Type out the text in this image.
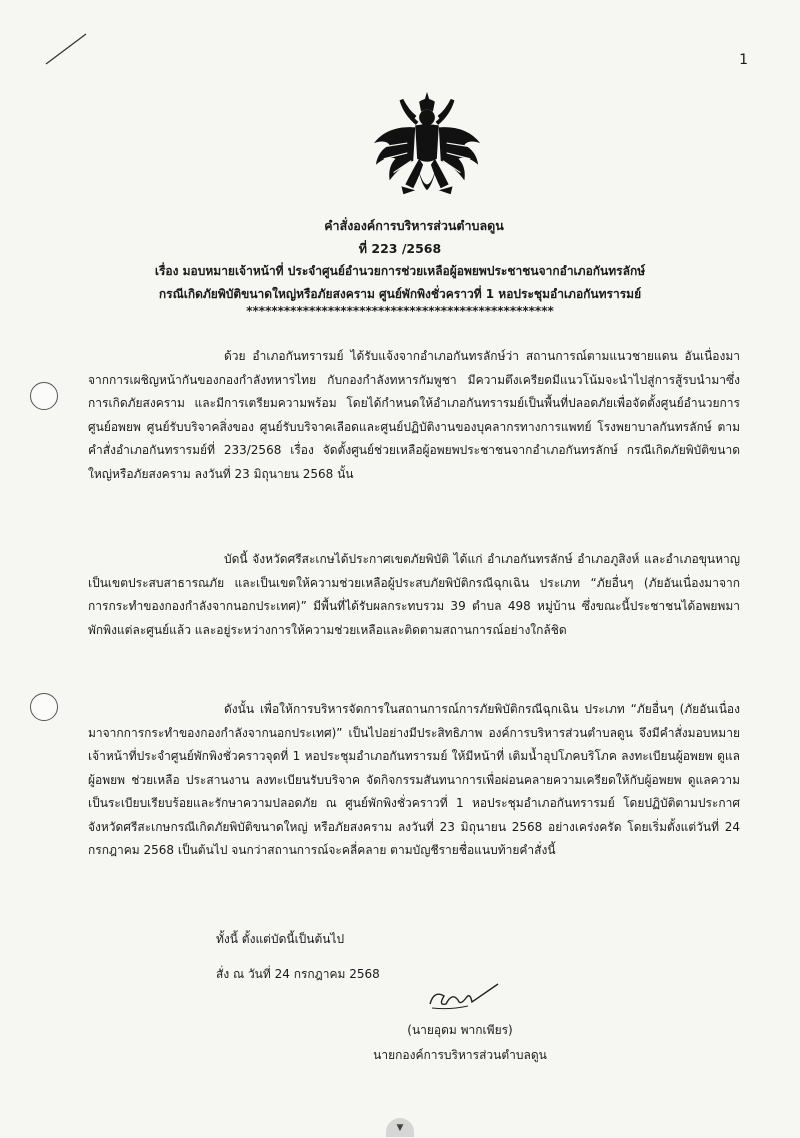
1
คำสั่งองค์การบริหารส่วนตำบลดูน
ที่ 223 /2568
เรื่อง มอบหมายเจ้าหน้าที่ ประจำศูนย์อำนวยการช่วยเหลือผู้อพยพประชาชนจากอำเภอกันทรลักษ์
กรณีเกิดภัยพิบัติขนาดใหญ่หรือภัยสงคราม ศูนย์พักพิงชั่วคราวที่ 1 หอประชุมอำเภอกันทรารมย์
*************************************************

ด้วย อำเภอกันทรารมย์ ได้รับแจ้งจากอำเภอกันทรลักษ์ว่า สถานการณ์ตามแนวชายแดน อันเนื่องมาจากการเผชิญหน้ากันของกองกำลังทหารไทย กับกองกำลังทหารกัมพูชา มีความตึงเครียดมีแนวโน้มจะนำไปสู่การสู้รบนำมาซึ่งการเกิดภัยสงคราม และมีการเตรียมความพร้อม โดยได้กำหนดให้อำเภอกันทรารมย์เป็นพื้นที่ปลอดภัยเพื่อจัดตั้งศูนย์อำนวยการศูนย์อพยพ ศูนย์รับบริจาคสิ่งของ ศูนย์รับบริจาคเลือดและศูนย์ปฏิบัติงานของบุคลากรทางการแพทย์ โรงพยาบาลกันทรลักษ์ ตามคำสั่งอำเภอกันทรารมย์ที่ 233/2568 เรื่อง จัดตั้งศูนย์ช่วยเหลือผู้อพยพประชาชนจากอำเภอกันทรลักษ์ กรณีเกิดภัยพิบัติขนาดใหญ่หรือภัยสงคราม ลงวันที่ 23 มิถุนายน 2568 นั้น

บัดนี้ จังหวัดศรีสะเกษได้ประกาศเขตภัยพิบัติ ได้แก่ อำเภอกันทรลักษ์ อำเภอภูสิงห์ และอำเภอขุนหาญ เป็นเขตประสบสาธารณภัย และเป็นเขตให้ความช่วยเหลือผู้ประสบภัยพิบัติกรณีฉุกเฉิน ประเภท “ภัยอื่นๆ (ภัยอันเนื่องมาจากการกระทำของกองกำลังจากนอกประเทศ)” มีพื้นที่ได้รับผลกระทบรวม 39 ตำบล 498 หมู่บ้าน ซึ่งขณะนี้ประชาชนได้อพยพมาพักพิงแต่ละศูนย์แล้ว และอยู่ระหว่างการให้ความช่วยเหลือและติดตามสถานการณ์อย่างใกล้ชิด

ดังนั้น เพื่อให้การบริหารจัดการในสถานการณ์การภัยพิบัติกรณีฉุกเฉิน ประเภท “ภัยอื่นๆ (ภัยอันเนื่องมาจากการกระทำของกองกำลังจากนอกประเทศ)” เป็นไปอย่างมีประสิทธิภาพ องค์การบริหารส่วนตำบลดูน จึงมีคำสั่งมอบหมายเจ้าหน้าที่ประจำศูนย์พักพิงชั่วคราวจุดที่ 1 หอประชุมอำเภอกันทรารมย์ ให้มีหน้าที่ เติมน้ำอุปโภคบริโภค ลงทะเบียนผู้อพยพ ดูแลผู้อพยพ ช่วยเหลือ ประสานงาน ลงทะเบียนรับบริจาค จัดกิจกรรมสันทนาการเพื่อผ่อนคลายความเครียดให้กับผู้อพยพ ดูแลความเป็นระเบียบเรียบร้อยและรักษาความปลอดภัย ณ ศูนย์พักพิงชั่วคราวที่ 1 หอประชุมอำเภอกันทรารมย์ โดยปฏิบัติตามประกาศจังหวัดศรีสะเกษกรณีเกิดภัยพิบัติขนาดใหญ่ หรือภัยสงคราม ลงวันที่ 23 มิถุนายน 2568 อย่างเคร่งครัด โดยเริ่มตั้งแต่วันที่ 24 กรกฎาคม 2568 เป็นต้นไป จนกว่าสถานการณ์จะคลี่คลาย ตามบัญชีรายชื่อแนบท้ายคำสั่งนี้

ทั้งนี้ ตั้งแต่บัดนี้เป็นต้นไป
สั่ง ณ วันที่ 24 กรกฎาคม 2568
(นายอุดม พากเพียร)
นายกองค์การบริหารส่วนตำบลดูน
▼
